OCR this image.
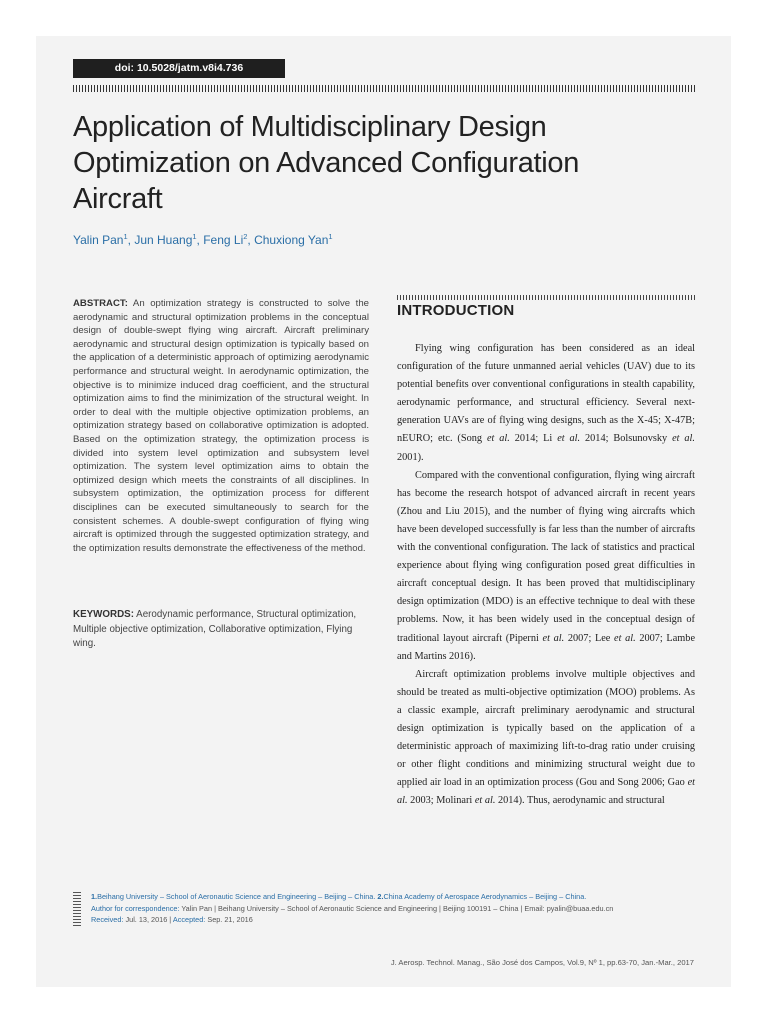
doi: 10.5028/jatm.v8i4.736
Application of Multidisciplinary Design Optimization on Advanced Configuration Aircraft
Yalin Pan$^1$, Jun Huang$^1$, Feng Li$^2$, Chuxiong Yan$^1$

ABSTRACT: An optimization strategy is constructed to solve the aerodynamic and structural optimization problems in the conceptual design of double-swept flying wing aircraft. Aircraft preliminary aerodynamic and structural design optimization is typically based on the application of a deterministic approach of optimizing aerodynamic performance and structural weight. In aerodynamic optimization, the objective is to minimize induced drag coefficient, and the structural optimization aims to find the minimization of the structural weight. In order to deal with the multiple objective optimization problems, an optimization strategy based on collaborative optimization is adopted. Based on the optimization strategy, the optimization process is divided into system level optimization and subsystem level optimization. The system level optimization aims to obtain the optimized design which meets the constraints of all disciplines. In subsystem optimization, the optimization process for different disciplines can be executed simultaneously to search for the consistent schemes. A double-swept configuration of flying wing aircraft is optimized through the suggested optimization strategy, and the optimization results demonstrate the effectiveness of the method.

KEYWORDS: Aerodynamic performance, Structural optimization, Multiple objective optimization, Collaborative optimization, Flying wing.

INTRODUCTION

Flying wing configuration has been considered as an ideal configuration of the future unmanned aerial vehicles (UAV) due to its potential benefits over conventional configurations in stealth capability, aerodynamic performance, and structural efficiency. Several next-generation UAVs are of flying wing designs, such as the X-45; X-47B; nEURO; etc. (Song et al. 2014; Li et al. 2014; Bolsunovsky et al. 2001).

Compared with the conventional configuration, flying wing aircraft has become the research hotspot of advanced aircraft in recent years (Zhou and Liu 2015), and the number of flying wing aircrafts which have been developed successfully is far less than the number of aircrafts with the conventional configuration. The lack of statistics and practical experience about flying wing configuration posed great difficulties in aircraft conceptual design. It has been proved that multidisciplinary design optimization (MDO) is an effective technique to deal with these problems. Now, it has been widely used in the conceptual design of traditional layout aircraft (Piperni et al. 2007; Lee et al. 2007; Lambe and Martins 2016).

Aircraft optimization problems involve multiple objectives and should be treated as multi-objective optimization (MOO) problems. As a classic example, aircraft preliminary aerodynamic and structural design optimization is typically based on the application of a deterministic approach of maximizing lift-to-drag ratio under cruising or other flight conditions and minimizing structural weight due to applied air load in an optimization process (Gou and Song 2006; Gao et al. 2003; Molinari et al. 2014). Thus, aerodynamic and structural

1.Beihang University – School of Aeronautic Science and Engineering – Beijing – China. 2.China Academy of Aerospace Aerodynamics – Beijing – China.
Author for correspondence: Yalin Pan | Beihang University – School of Aeronautic Science and Engineering | Beijing 100191 – China | Email: pyalin@buaa.edu.cn
Received: Jul. 13, 2016 | Accepted: Sep. 21, 2016
J. Aerosp. Technol. Manag., São José dos Campos, Vol.9, Nº 1, pp.63-70, Jan.-Mar., 2017
